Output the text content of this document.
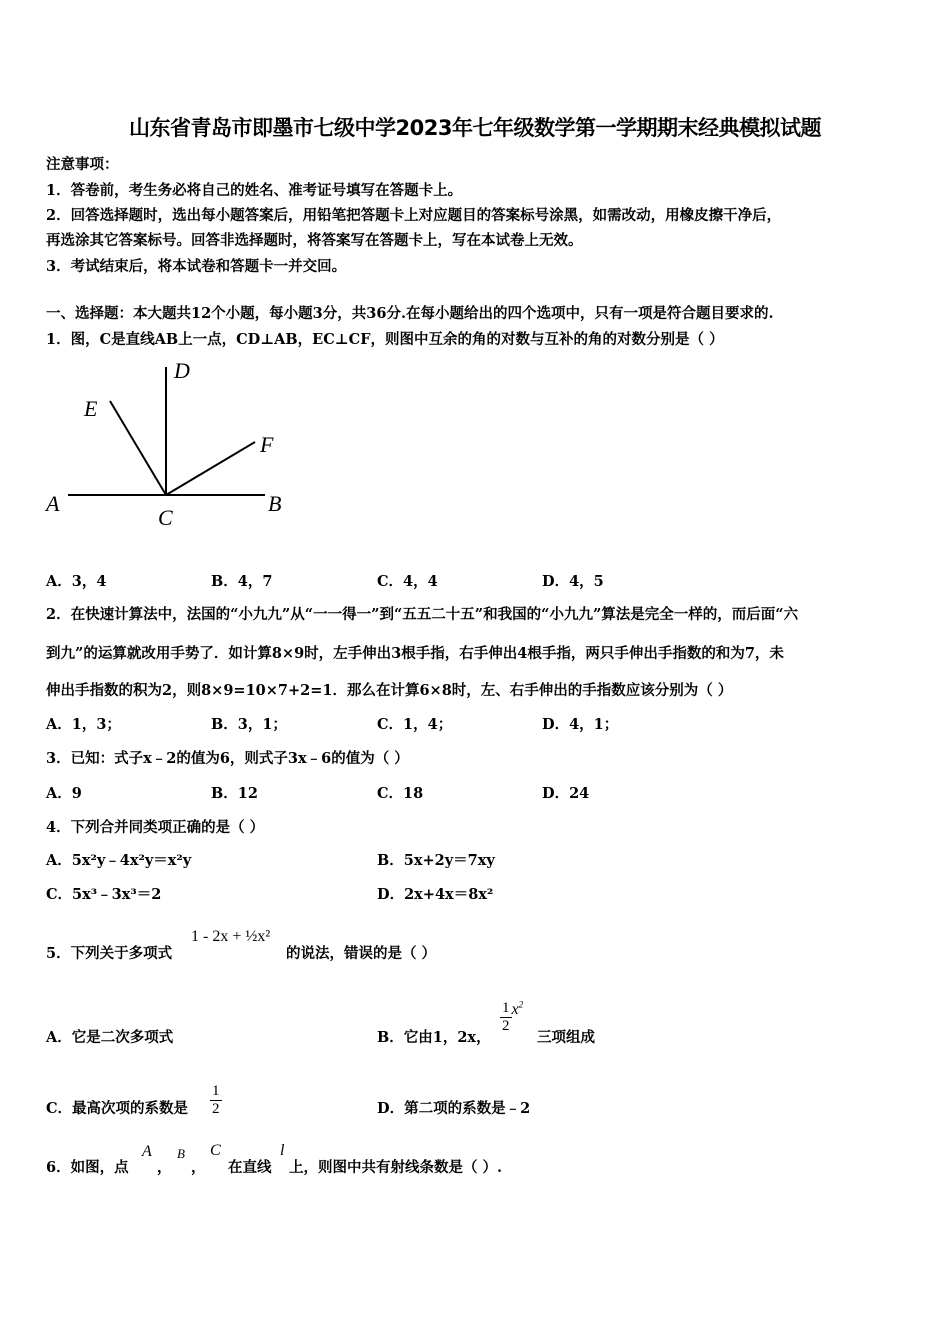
山东省青岛市即墨市七级中学2023年七年级数学第一学期期末经典模拟试题
注意事项：
1．答卷前，考生务必将自己的姓名、准考证号填写在答题卡上。
2．回答选择题时，选出每小题答案后，用铅笔把答题卡上对应题目的答案标号涂黑，如需改动，用橡皮擦干净后，
再选涂其它答案标号。回答非选择题时，将答案写在答题卡上，写在本试卷上无效。
3．考试结束后，将本试卷和答题卡一并交回。
一、选择题：本大题共12个小题，每小题3分，共36分.在每小题给出的四个选项中，只有一项是符合题目要求的.
1．图，C是直线AB上一点，CD⊥AB，EC⊥CF，则图中互余的角的对数与互补的角的对数分别是（ ）
D
E
F
A	B
C
A．3，4	B．4，7	C．4，4	D．4，5
2．在快速计算法中，法国的“小九九”从“一一得一”到“五五二十五”和我国的“小九九”算法是完全一样的，而后面“六
到九”的运算就改用手势了．如计算8×9时，左手伸出3根手指，右手伸出4根手指，两只手伸出手指数的和为7，未
伸出手指数的积为2，则8×9=10×7+2=1．那么在计算6×8时，左、右手伸出的手指数应该分别为（ ）
A．1，3；	B．3，1；	C．1，4；	D．4，1；
3．已知：式子x﹣2的值为6，则式子3x﹣6的值为（ ）
A．9	B．12	C．18	D．24
4．下列合并同类项正确的是（ ）
A．5x²y﹣4x²y＝x²y	B．5x+2y＝7xy
C．5x³﹣3x³＝2	D．2x+4x＝8x²
5．下列关于多项式
1 - 2x + ½x²
的说法，错误的是（ ）
A．它是二次多项式	B．它由1，2x，
$\frac{1}{2} x^2$
三项组成
C．最高次项的系数是 $\frac{1}{2}$	D．第二项的系数是﹣2
6．如图，点
A
，
B
，
C
在直线
l
上，则图中共有射线条数是（ ）.
